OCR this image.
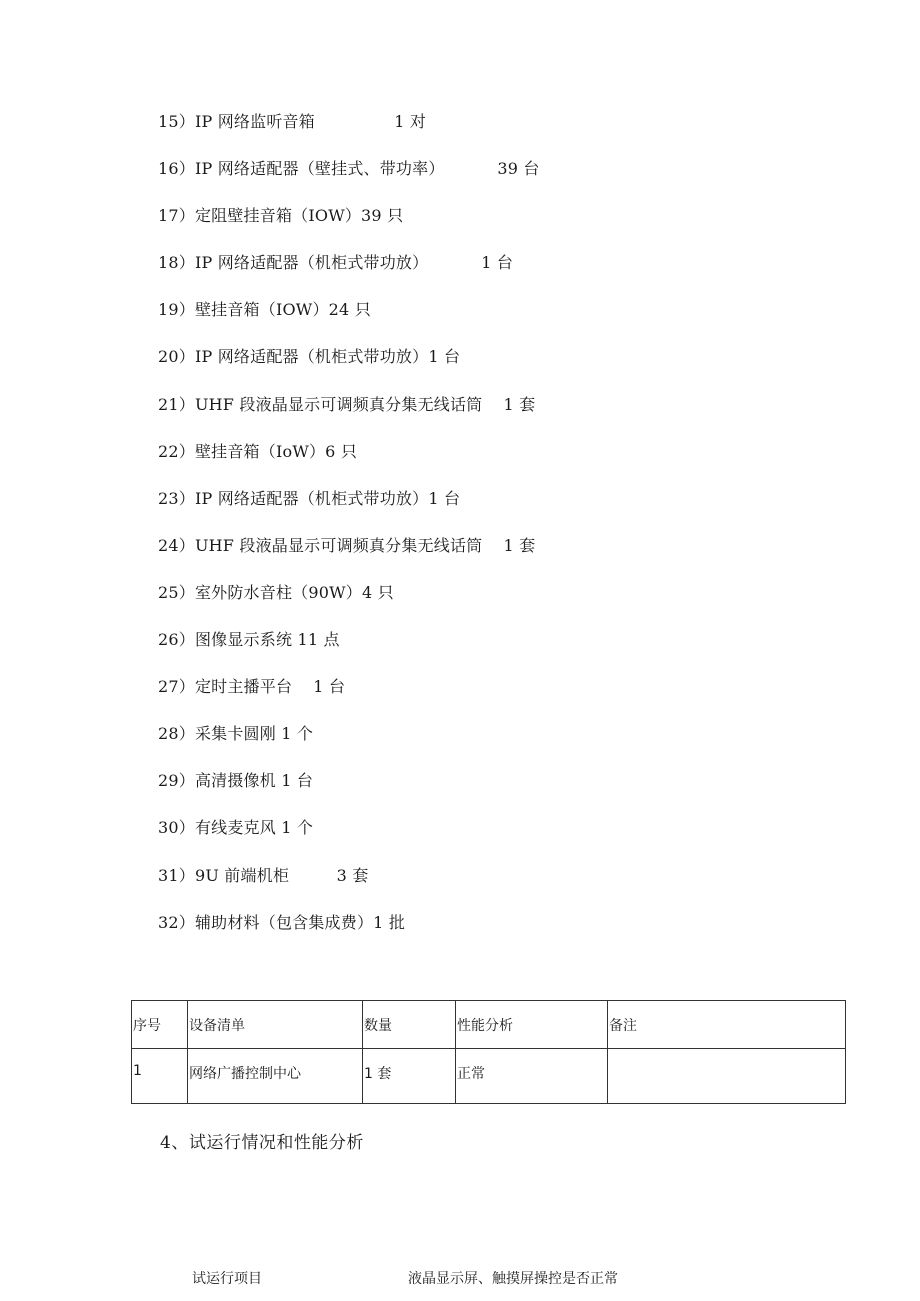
15）IP 网络监听音箱               1 对
16）IP 网络适配器（壁挂式、带功率）          39 台
17）定阻壁挂音箱（IOW）39 只
18）IP 网络适配器（机柜式带功放）          1 台
19）壁挂音箱（IOW）24 只
20）IP 网络适配器（机柜式带功放）1 台
21）UHF 段液晶显示可调频真分集无线话筒    1 套
22）壁挂音箱（IoW）6 只
23）IP 网络适配器（机柜式带功放）1 台
24）UHF 段液晶显示可调频真分集无线话筒    1 套
25）室外防水音柱（90W）4 只
26）图像显示系统 11 点
27）定时主播平台    1 台
28）采集卡圆刚 1 个
29）高清摄像机 1 台
30）有线麦克风 1 个
31）9U 前端机柜         3 套
32）辅助材料（包含集成费）1 批
序号	设备清单	数量	性能分析	备注
1	网络广播控制中心	1 套	正常	
4、试运行情况和性能分析
试运行项目	液晶显示屏、触摸屏操控是否正常
